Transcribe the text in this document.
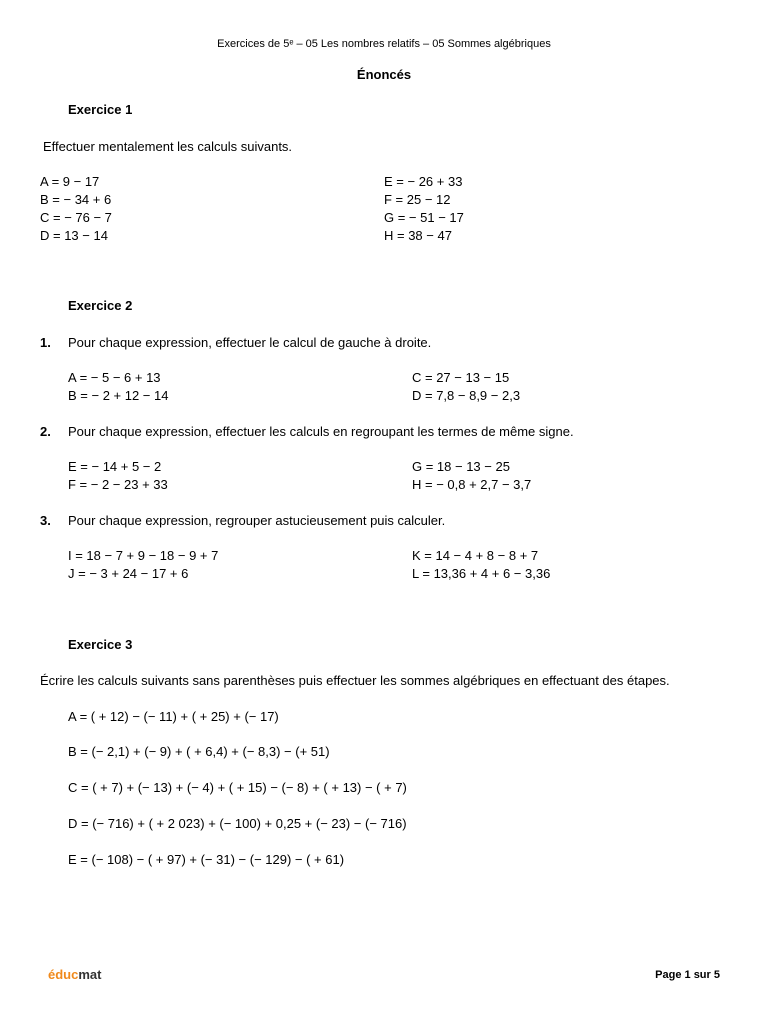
Exercices de 5ᵉ – 05 Les nombres relatifs – 05 Sommes algébriques
Énoncés
Exercice 1
Effectuer mentalement les calculs suivants.
A = 9 − 17
B = − 34 + 6
C = − 76 − 7
D = 13 − 14
E = − 26 + 33
F = 25 − 12
G = − 51 − 17
H = 38 − 47
Exercice 2
1. Pour chaque expression, effectuer le calcul de gauche à droite.
A = − 5 − 6 + 13
B = − 2 + 12 − 14
C = 27 − 13 − 15
D = 7,8 − 8,9 − 2,3
2. Pour chaque expression, effectuer les calculs en regroupant les termes de même signe.
E = − 14 + 5 − 2
F = − 2 − 23 + 33
G = 18 − 13 − 25
H = − 0,8 + 2,7 − 3,7
3. Pour chaque expression, regrouper astucieusement puis calculer.
I = 18 − 7 + 9 − 18 − 9 + 7
J = − 3 + 24 − 17 + 6
K = 14 − 4 + 8 − 8 + 7
L = 13,36 + 4 + 6 − 3,36
Exercice 3
Écrire les calculs suivants sans parenthèses puis effectuer les sommes algébriques en effectuant des étapes.
A = ( + 12) − (− 11) + ( + 25) + (− 17)
B = (− 2,1) + (− 9) + ( + 6,4) + (− 8,3) − (+ 51)
C = ( + 7) + (− 13) + (− 4) + ( + 15) − (− 8) + ( + 13) − ( + 7)
D = (− 716) + ( + 2 023) + (− 100) + 0,25 + (− 23) − (− 716)
E = (− 108) − ( + 97) + (− 31) − (− 129) − ( + 61)
éducmat	Page 1 sur 5
